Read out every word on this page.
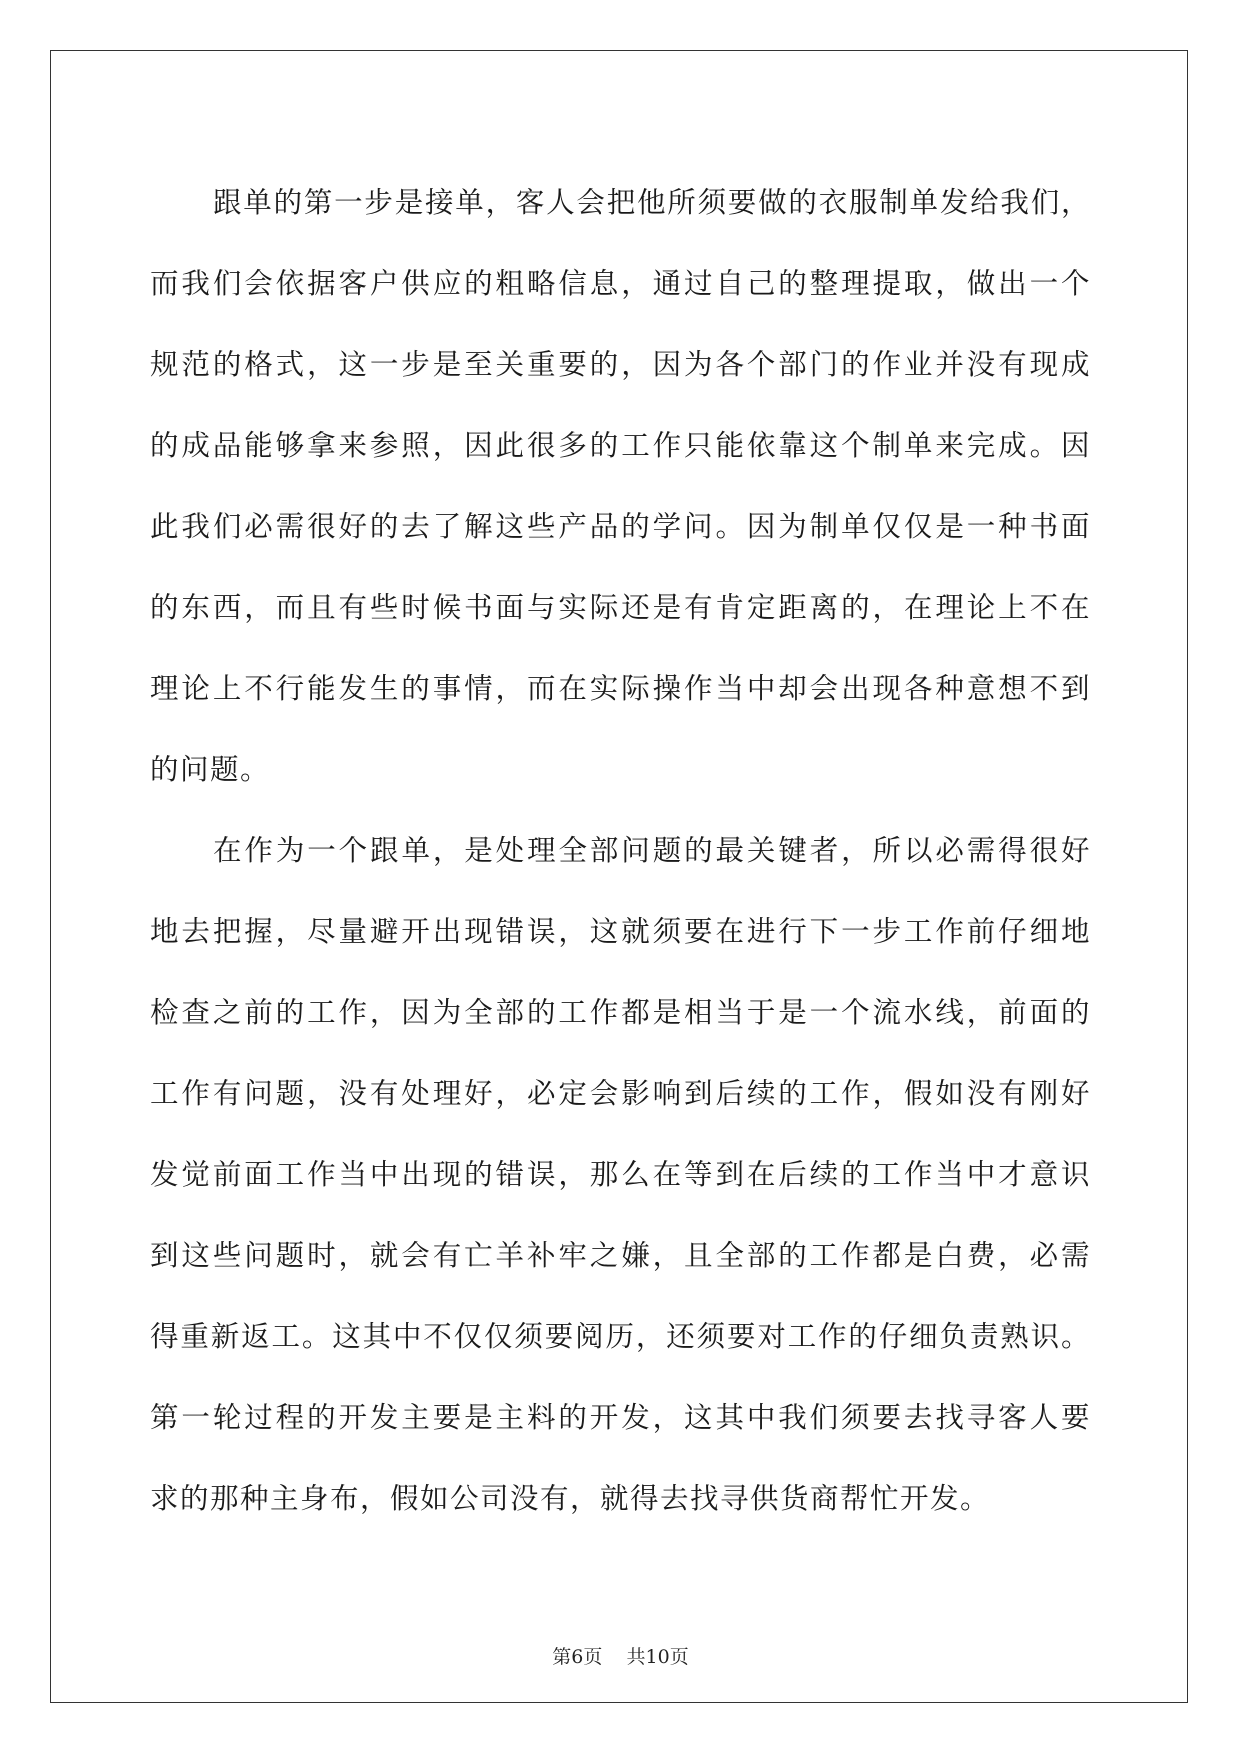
跟单的第一步是接单，客人会把他所须要做的衣服制单发给我们，
而我们会依据客户供应的粗略信息，通过自己的整理提取，做出一个
规范的格式，这一步是至关重要的，因为各个部门的作业并没有现成
的成品能够拿来参照，因此很多的工作只能依靠这个制单来完成。因
此我们必需很好的去了解这些产品的学问。因为制单仅仅是一种书面
的东西，而且有些时候书面与实际还是有肯定距离的，在理论上不在
理论上不行能发生的事情，而在实际操作当中却会出现各种意想不到
的问题。
在作为一个跟单，是处理全部问题的最关键者，所以必需得很好
地去把握，尽量避开出现错误，这就须要在进行下一步工作前仔细地
检查之前的工作，因为全部的工作都是相当于是一个流水线，前面的
工作有问题，没有处理好，必定会影响到后续的工作，假如没有刚好
发觉前面工作当中出现的错误，那么在等到在后续的工作当中才意识
到这些问题时，就会有亡羊补牢之嫌，且全部的工作都是白费，必需
得重新返工。这其中不仅仅须要阅历，还须要对工作的仔细负责熟识。
第一轮过程的开发主要是主料的开发，这其中我们须要去找寻客人要
求的那种主身布，假如公司没有，就得去找寻供货商帮忙开发。
第6页 共10页
